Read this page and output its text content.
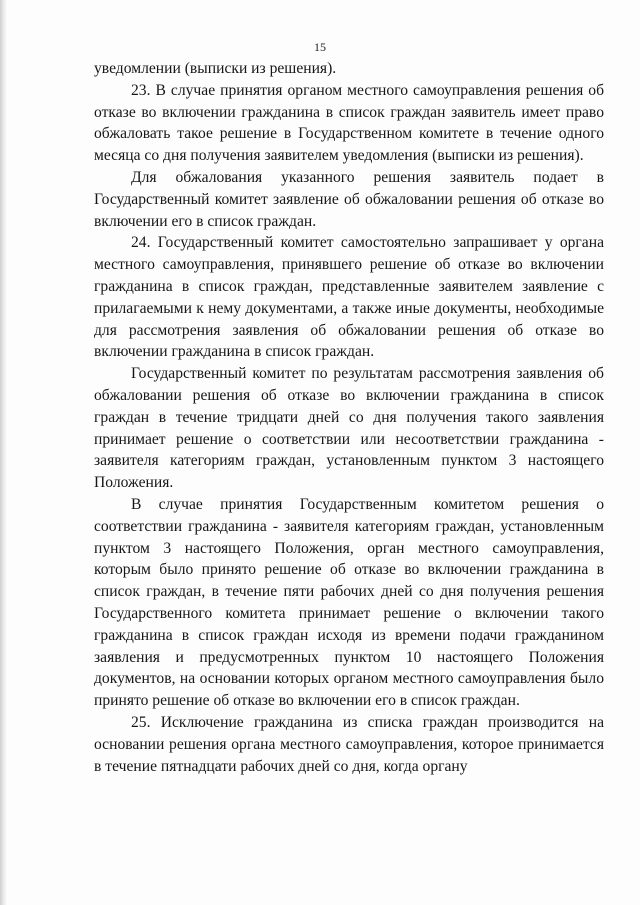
15

уведомлении (выписки из решения).

23. В случае принятия органом местного самоуправления решения об отказе во включении гражданина в список граждан заявитель имеет право обжаловать такое решение в Государственном комитете в течение одного месяца со дня получения заявителем уведомления (выписки из решения).

Для обжалования указанного решения заявитель подает в Государственный комитет заявление об обжаловании решения об отказе во включении его в список граждан.

24. Государственный комитет самостоятельно запрашивает у органа местного самоуправления, принявшего решение об отказе во включении гражданина в список граждан, представленные заявителем заявление с прилагаемыми к нему документами, а также иные документы, необходимые для рассмотрения заявления об обжаловании решения об отказе во включении гражданина в список граждан.

Государственный комитет по результатам рассмотрения заявления об обжаловании решения об отказе во включении гражданина в список граждан в течение тридцати дней со дня получения такого заявления принимает решение о соответствии или несоответствии гражданина - заявителя категориям граждан, установленным пунктом 3 настоящего Положения.

В случае принятия Государственным комитетом решения о соответствии гражданина - заявителя категориям граждан, установленным пунктом 3 настоящего Положения, орган местного самоуправления, которым было принято решение об отказе во включении гражданина в список граждан, в течение пяти рабочих дней со дня получения решения Государственного комитета принимает решение о включении такого гражданина в список граждан исходя из времени подачи гражданином заявления и предусмотренных пунктом 10 настоящего Положения документов, на основании которых органом местного самоуправления было принято решение об отказе во включении его в список граждан.

25. Исключение гражданина из списка граждан производится на основании решения органа местного самоуправления, которое принимается в течение пятнадцати рабочих дней со дня, когда органу
